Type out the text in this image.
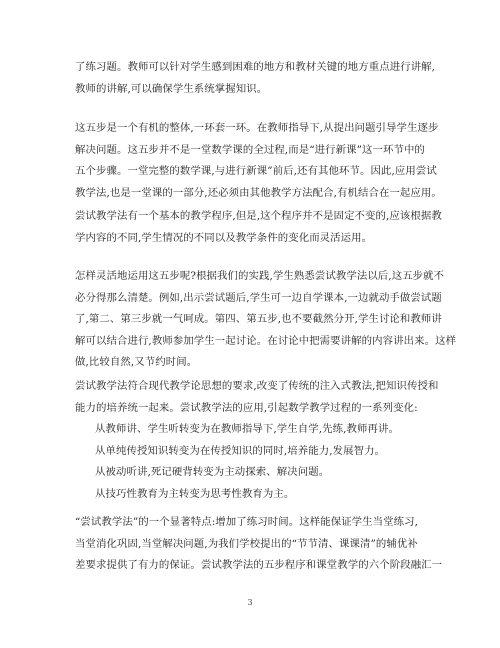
了练习题。教师可以针对学生感到困难的地方和教材关键的地方重点进行讲解,
教师的讲解,可以确保学生系统掌握知识。

这五步是一个有机的整体,一环套一环。在教师指导下,从提出问题引导学生逐步
解决问题。这五步并不是一堂数学课的全过程,而是“进行新课”这一环节中的
五个步骤。一堂完整的数学课,与进行新课”前后,还有其他环节。因此,应用尝试
教学法,也是一堂课的一部分,还必须由其他教学方法配合,有机结合在一起应用。

尝试教学法有一个基本的教学程序,但是,这个程序并不是固定不变的,应该根据教
学内容的不同,学生情况的不同以及教学条件的变化而灵活运用。

怎样灵活地运用这五步呢?根据我们的实践,学生熟悉尝试教学法以后,这五步就不
必分得那么清楚。例如,出示尝试题后,学生可一边自学课本,一边就动手做尝试题
了,第二、第三步就一气呵成。第四、第五步,也不要截然分开,学生讨论和教师讲
解可以结合进行,教师参加学生一起讨论。在讨论中把需要讲解的内容讲出来。这样
做,比较自然,又节约时间。

尝试教学法符合现代教学论思想的要求,改变了传统的注入式教法,把知识传授和
能力的培养统一起来。尝试教学法的应用,引起数学教学过程的一系列变化:
从教师讲、学生听转变为在教师指导下,学生自学,先练,教师再讲。
从单纯传授知识转变为在传授知识的同时,培养能力,发展智力。
从被动听讲,死记硬背转变为主动探索、解决问题。
从技巧性教育为主转变为思考性教育为主。

“尝试教学法”的一个显著特点:增加了练习时间。这样能保证学生当堂练习,
当堂消化巩固,当堂解决问题,为我们学校提出的“节节清、课课清”的辅优补
差要求提供了有力的保证。尝试教学法的五步程序和课堂教学的六个阶段融汇一

3
